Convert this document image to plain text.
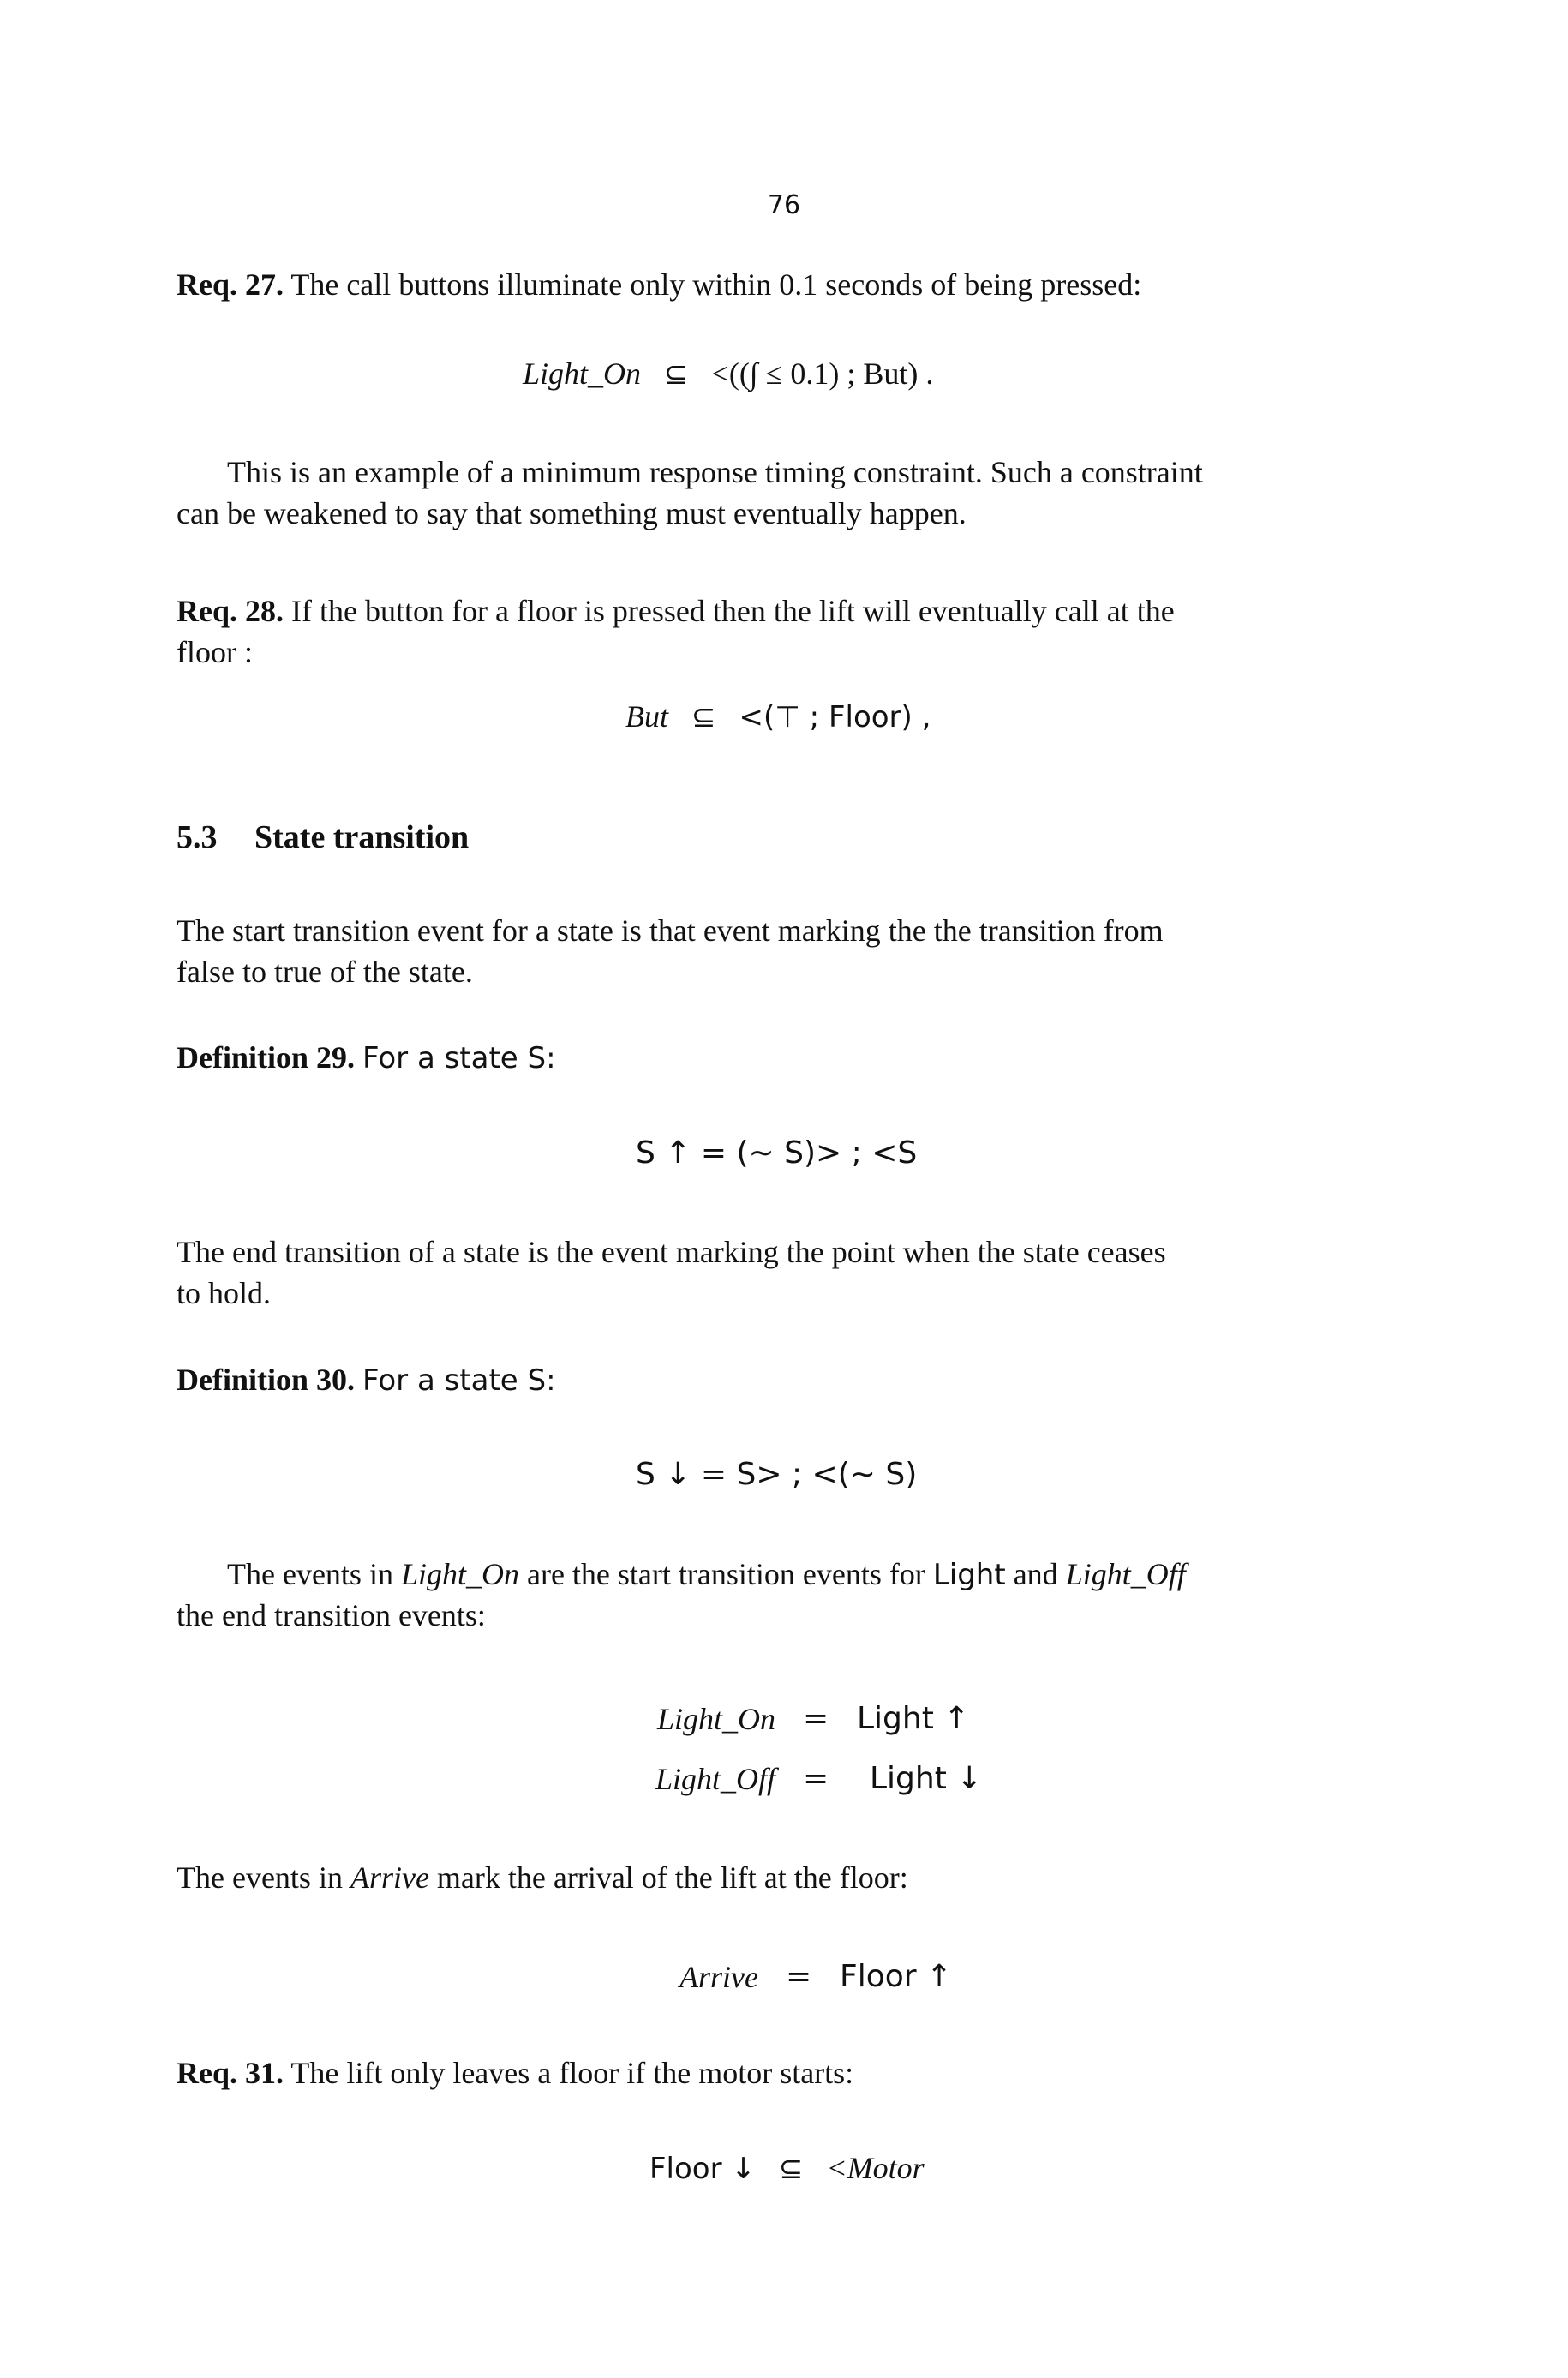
76
Req. 27. The call buttons illuminate only within 0.1 seconds of being pressed:
Light_On ⊆ <((∫ ≤ 0.1) ; But) .
This is an example of a minimum response timing constraint. Such a constraint
can be weakened to say that something must eventually happen.
Req. 28. If the button for a floor is pressed then the lift will eventually call at the
floor :
But ⊆ <(⊤ ; Floor) ,
5.3 State transition
The start transition event for a state is that event marking the the transition from
false to true of the state.
Definition 29. For a state S:
S ↑ = (∼ S)> ; <S
The end transition of a state is the event marking the point when the state ceases
to hold.
Definition 30. For a state S:
S ↓ = S> ; <(∼ S)
The events in Light_On are the start transition events for Light and Light_Off
the end transition events:
Light_On = Light ↑
Light_Off = Light ↓
The events in Arrive mark the arrival of the lift at the floor:
Arrive = Floor ↑
Req. 31. The lift only leaves a floor if the motor starts:
Floor ↓ ⊆ <Motor
